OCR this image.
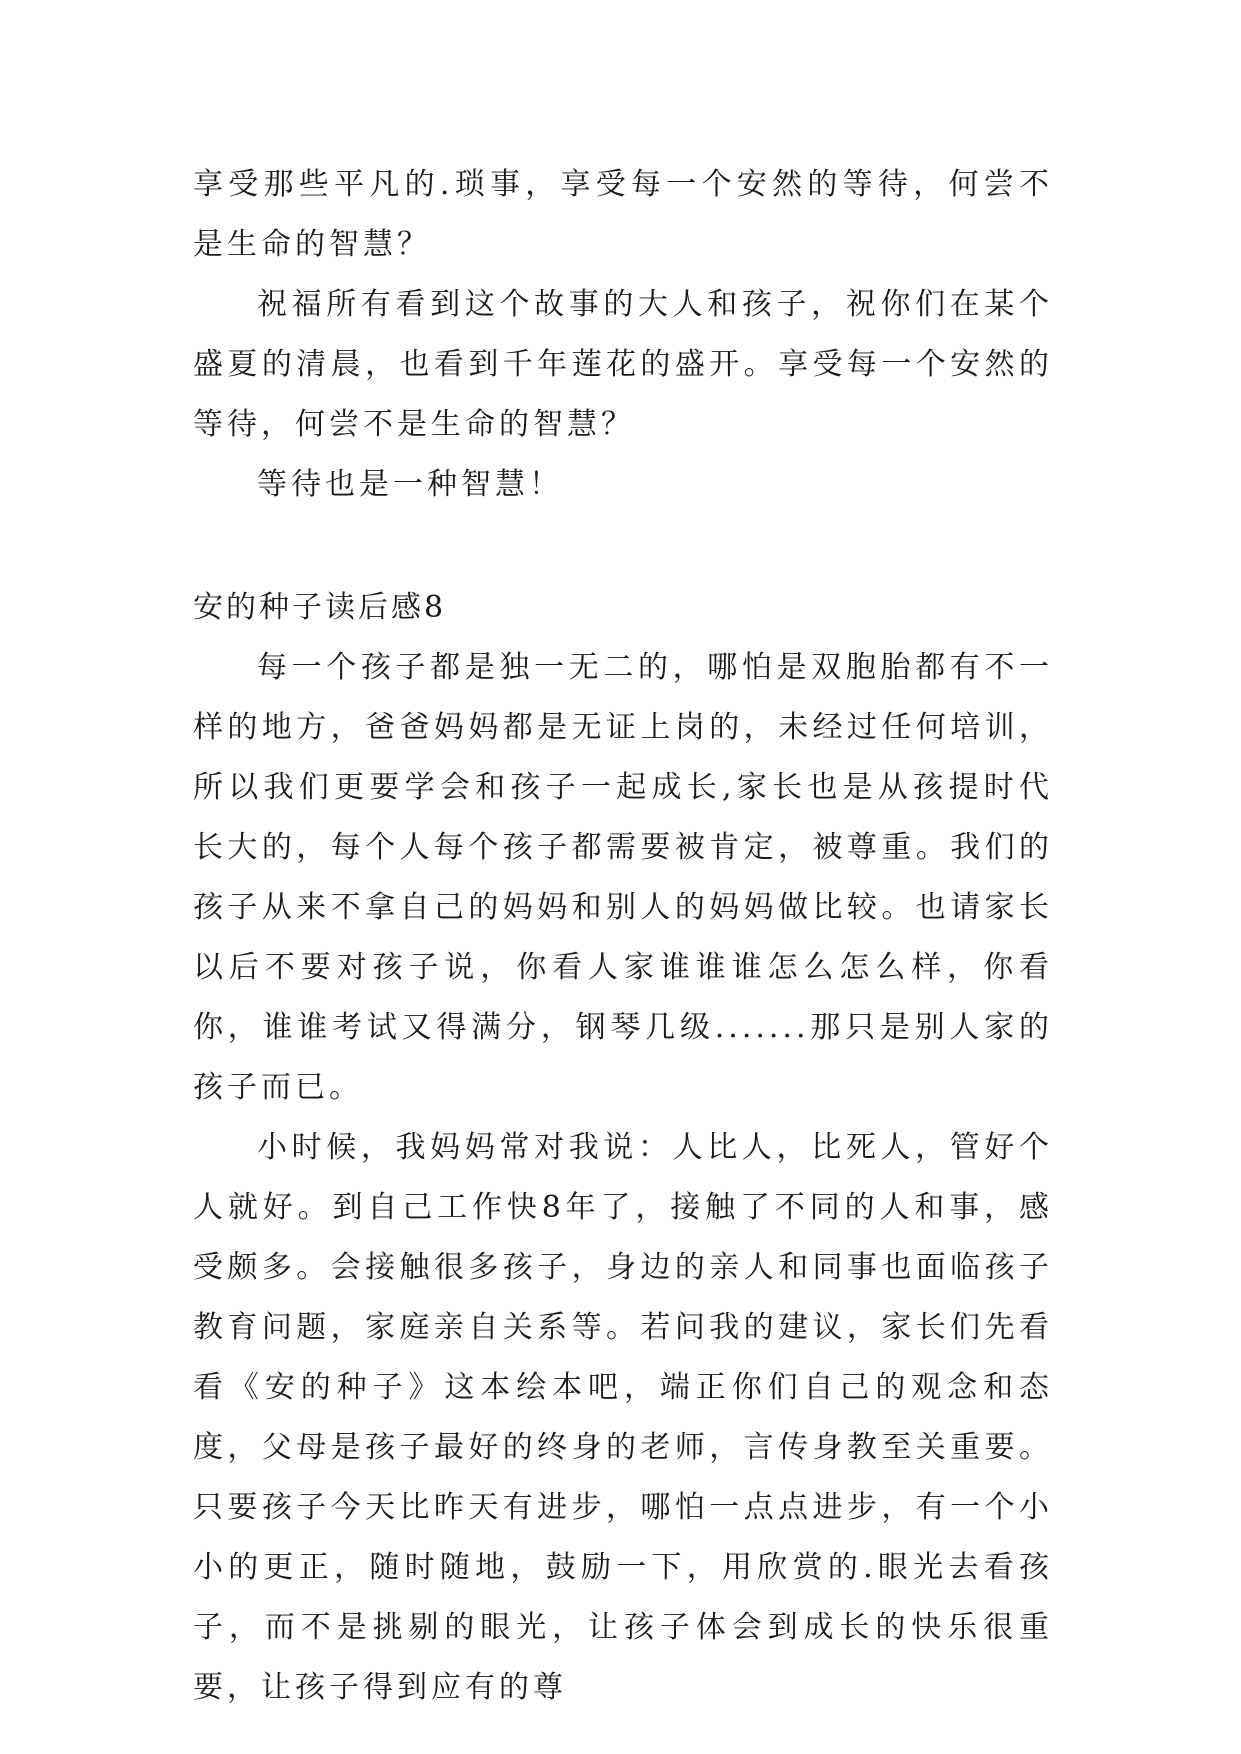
享受那些平凡的.琐事，享受每一个安然的等待，何尝不是生命的智慧？

祝福所有看到这个故事的大人和孩子，祝你们在某个盛夏的清晨，也看到千年莲花的盛开。享受每一个安然的等待，何尝不是生命的智慧？

等待也是一种智慧！

安的种子读后感8

每一个孩子都是独一无二的，哪怕是双胞胎都有不一样的地方，爸爸妈妈都是无证上岗的，未经过任何培训，所以我们更要学会和孩子一起成长,家长也是从孩提时代长大的，每个人每个孩子都需要被肯定，被尊重。我们的孩子从来不拿自己的妈妈和别人的妈妈做比较。也请家长以后不要对孩子说，你看人家谁谁谁怎么怎么样，你看你，谁谁考试又得满分，钢琴几级.......那只是别人家的孩子而已。

小时候，我妈妈常对我说：人比人，比死人，管好个人就好。到自己工作快8年了，接触了不同的人和事，感受颇多。会接触很多孩子，身边的亲人和同事也面临孩子教育问题，家庭亲自关系等。若问我的建议，家长们先看看《安的种子》这本绘本吧，端正你们自己的观念和态度，父母是孩子最好的终身的老师，言传身教至关重要。只要孩子今天比昨天有进步，哪怕一点点进步，有一个小小的更正，随时随地，鼓励一下，用欣赏的.眼光去看孩子，而不是挑剔的眼光，让孩子体会到成长的快乐很重要，让孩子得到应有的尊
